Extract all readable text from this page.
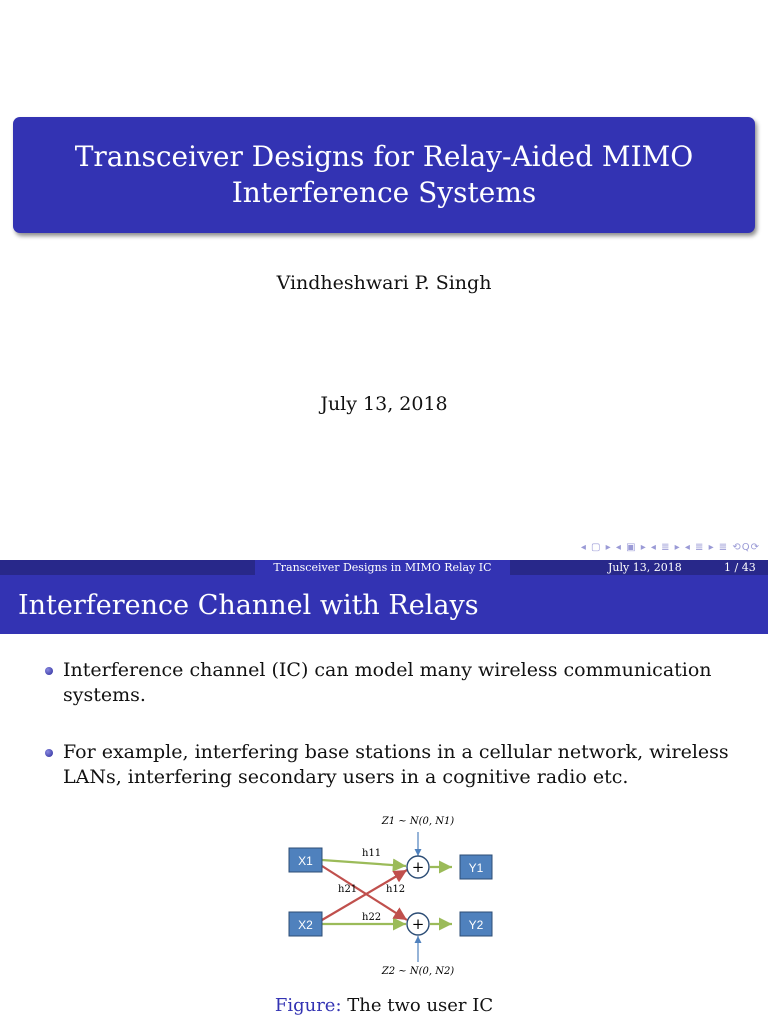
Transceiver Designs for Relay-Aided MIMO
Interference Systems
Vindheshwari P. Singh
July 13, 2018
◂ ▢ ▸ ◂ ▣ ▸ ◂ ≣ ▸ ◂ ≣ ▸ ≣ ⟲Q⟳
Transceiver Designs in MIMO Relay IC	July 13, 2018	1 / 43
Interference Channel with Relays
Interference channel (IC) can model many wireless communication
systems.
For example, interfering base stations in a cellular network, wireless
LANs, interfering secondary users in a cognitive radio etc.
Z1 ~ N(0, N1)
Z2 ~ N(0, N2)
h11
h21	h12
h22
X1
X2
Y1
Y2
+
+
Figure: The two user IC
